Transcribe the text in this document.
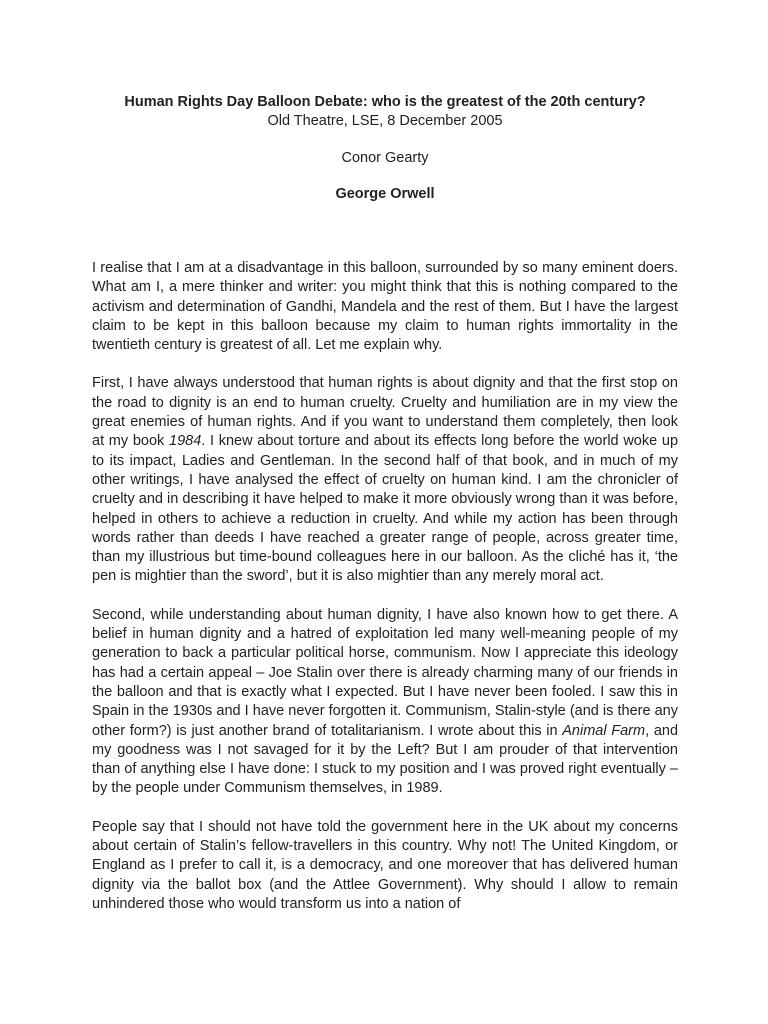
Human Rights Day Balloon Debate: who is the greatest of the 20th century?
Old Theatre, LSE, 8 December 2005
Conor Gearty
George Orwell

I realise that I am at a disadvantage in this balloon, surrounded by so many eminent doers. What am I, a mere thinker and writer: you might think that this is nothing compared to the activism and determination of Gandhi, Mandela and the rest of them. But I have the largest claim to be kept in this balloon because my claim to human rights immortality in the twentieth century is greatest of all. Let me explain why.

First, I have always understood that human rights is about dignity and that the first stop on the road to dignity is an end to human cruelty. Cruelty and humiliation are in my view the great enemies of human rights. And if you want to understand them completely, then look at my book 1984. I knew about torture and about its effects long before the world woke up to its impact, Ladies and Gentleman. In the second half of that book, and in much of my other writings, I have analysed the effect of cruelty on human kind. I am the chronicler of cruelty and in describing it have helped to make it more obviously wrong than it was before, helped in others to achieve a reduction in cruelty. And while my action has been through words rather than deeds I have reached a greater range of people, across greater time, than my illustrious but time-bound colleagues here in our balloon. As the cliché has it, ‘the pen is mightier than the sword’, but it is also mightier than any merely moral act.

Second, while understanding about human dignity, I have also known how to get there. A belief in human dignity and a hatred of exploitation led many well-meaning people of my generation to back a particular political horse, communism. Now I appreciate this ideology has had a certain appeal – Joe Stalin over there is already charming many of our friends in the balloon and that is exactly what I expected. But I have never been fooled. I saw this in Spain in the 1930s and I have never forgotten it. Communism, Stalin-style (and is there any other form?) is just another brand of totalitarianism. I wrote about this in Animal Farm, and my goodness was I not savaged for it by the Left? But I am prouder of that intervention than of anything else I have done: I stuck to my position and I was proved right eventually – by the people under Communism themselves, in 1989.

People say that I should not have told the government here in the UK about my concerns about certain of Stalin’s fellow-travellers in this country. Why not! The United Kingdom, or England as I prefer to call it, is a democracy, and one moreover that has delivered human dignity via the ballot box (and the Attlee Government). Why should I allow to remain unhindered those who would transform us into a nation of
